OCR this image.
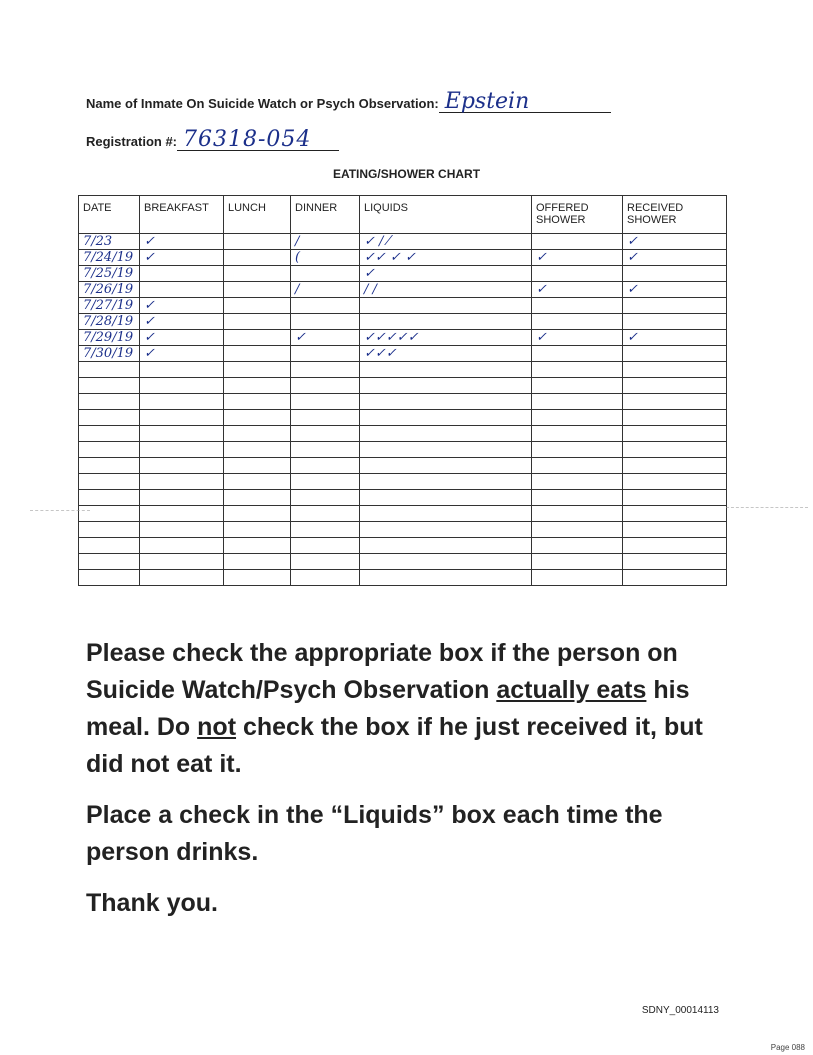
Name of Inmate On Suicide Watch or Psych Observation: Epstein
Registration #: 76318-054
EATING/SHOWER CHART
DATE	BREAKFAST	LUNCH	DINNER	LIQUIDS	OFFERED SHOWER	RECEIVED SHOWER
7/23	✓		/	✓ / ⁄		✓
7/24/19	✓		(	✓✓ ✓ ✓	✓	✓
7/25/19				✓		
7/26/19			/	/ /	✓	✓
7/27/19	✓					
7/28/19	✓					
7/29/19	✓		✓	✓✓✓✓✓	✓	✓
7/30/19	✓			✓✓✓		

Please check the appropriate box if the person on Suicide Watch/Psych Observation actually eats his meal. Do not check the box if he just received it, but did not eat it.

Place a check in the “Liquids” box each time the person drinks.

Thank you.

SDNY_00014113
Page 088
